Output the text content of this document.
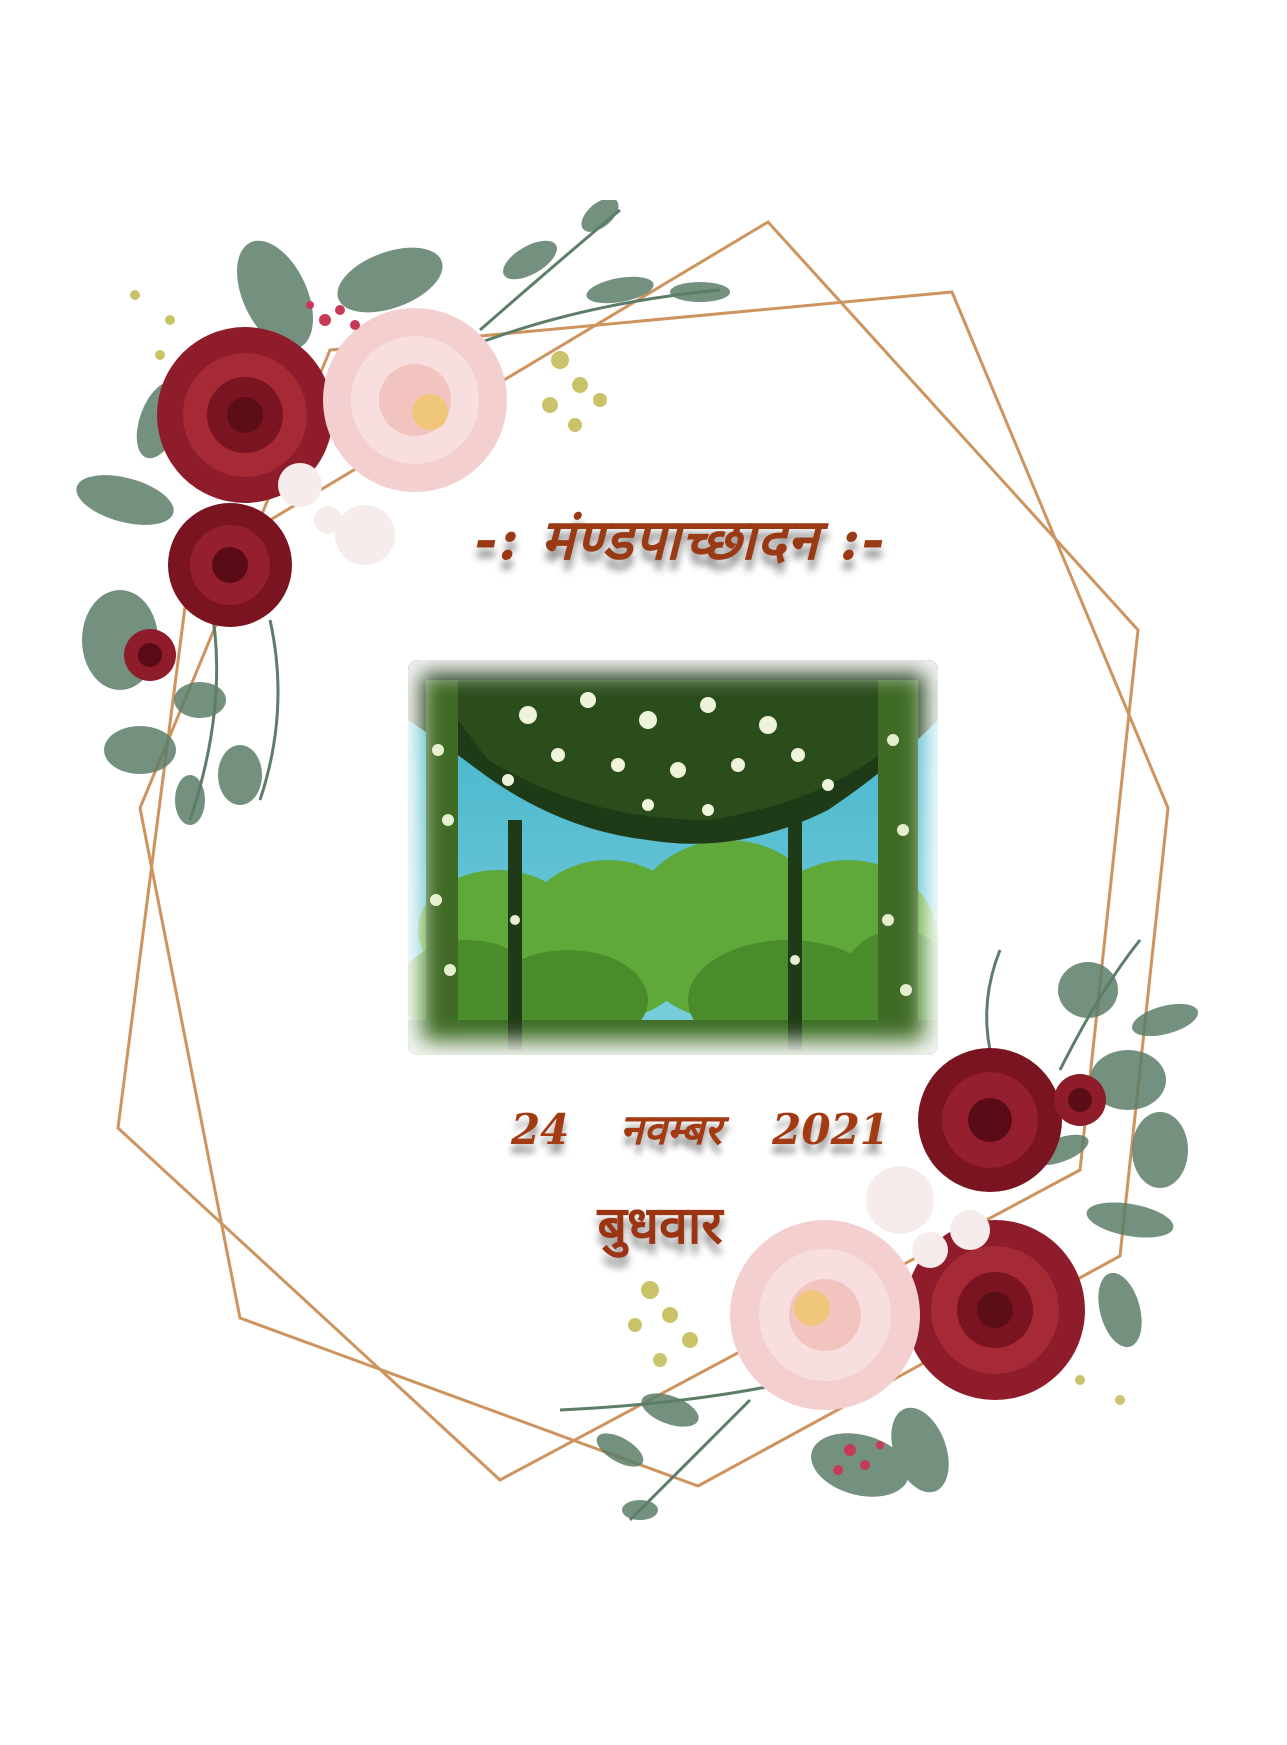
-: मंण्डपाच्छादन :-
24 नवम्बर 2021
बुधवार
